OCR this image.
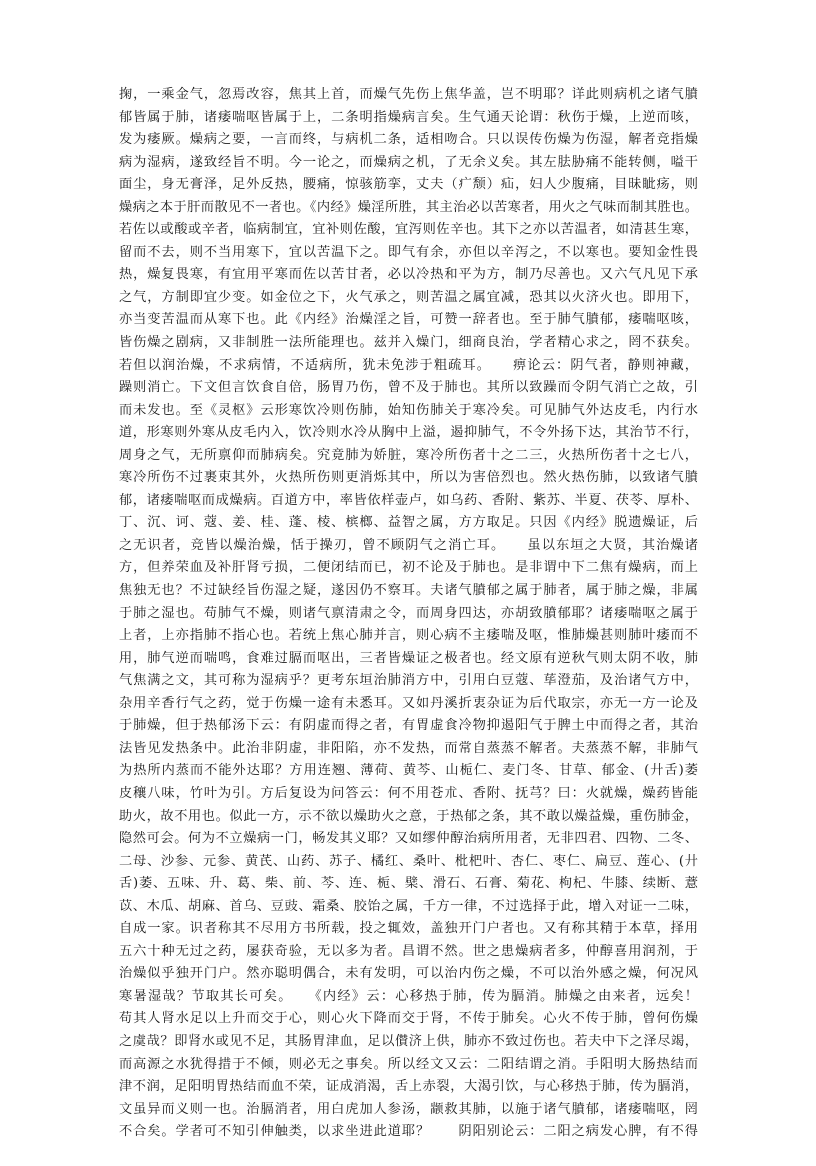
掬，一乘金气，忽焉改容，焦其上首，而燥气先伤上焦华盖，岂不明耶？详此则病机之诸气膹
郁皆属于肺，诸痿喘呕皆属于上，二条明指燥病言矣。生气通天论谓：秋伤于燥，上逆而咳，
发为痿厥。燥病之要，一言而终，与病机二条，适相吻合。只以误传伤燥为伤湿，解者竞指燥
病为湿病，遂致经旨不明。今一论之，而燥病之机，了无余义矣。其左胠胁痛不能转侧，嗌干
面尘，身无膏泽，足外反热，腰痛，惊骇筋挛，丈夫（疒颓）疝，妇人少腹痛，目昧眦疡，则
燥病之本于肝而散见不一者也。《内经》燥淫所胜，其主治必以苦寒者，用火之气味而制其胜也。
若佐以或酸或辛者，临病制宜，宜补则佐酸，宜泻则佐辛也。其下之亦以苦温者，如清甚生寒，
留而不去，则不当用寒下，宜以苦温下之。即气有余，亦但以辛泻之，不以寒也。要知金性畏
热，燥复畏寒，有宜用平寒而佐以苦甘者，必以冷热和平为方，制乃尽善也。又六气凡见下承
之气，方制即宜少变。如金位之下，火气承之，则苦温之属宜减，恐其以火济火也。即用下，
亦当变苦温而从寒下也。此《内经》治燥淫之旨，可赞一辞者也。至于肺气膹郁，痿喘呕咳，
皆伤燥之剧病，又非制胜一法所能理也。兹并入燥门，细商良治，学者精心求之，罔不获矣。
若但以润治燥，不求病情，不适病所，犹未免涉于粗疏耳。　　痹论云：阴气者，静则神藏，
躁则消亡。下文但言饮食自倍，肠胃乃伤，曾不及于肺也。其所以致躁而令阴气消亡之故，引
而未发也。至《灵枢》云形寒饮冷则伤肺，始知伤肺关于寒冷矣。可见肺气外达皮毛，内行水
道，形寒则外寒从皮毛内入，饮冷则水冷从胸中上溢，遏抑肺气，不令外扬下达，其治节不行，
周身之气，无所禀仰而肺病矣。究竟肺为娇脏，寒冷所伤者十之二三，火热所伤者十之七八，
寒冷所伤不过裹束其外，火热所伤则更消烁其中，所以为害倍烈也。然火热伤肺，以致诸气膹
郁，诸痿喘呕而成燥病。百道方中，率皆依样壶卢，如乌药、香附、紫苏、半夏、茯苓、厚朴、
丁、沉、诃、蔻、姜、桂、蓬、棱、槟榔、益智之属，方方取足。只因《内经》脱遗燥证，后
之无识者，竞皆以燥治燥，恬于操刃，曾不顾阴气之消亡耳。　　虽以东垣之大贤，其治燥诸
方，但养荣血及补肝肾亏损，二便闭结而已，初不论及于肺也。是非谓中下二焦有燥病，而上
焦独无也？不过缺经旨伤湿之疑，遂因仍不察耳。夫诸气膹郁之属于肺者，属于肺之燥，非属
于肺之湿也。苟肺气不燥，则诸气禀清肃之令，而周身四达，亦胡致膹郁耶？诸痿喘呕之属于
上者，上亦指肺不指心也。若统上焦心肺并言，则心病不主痿喘及呕，惟肺燥甚则肺叶痿而不
用，肺气逆而喘鸣，食难过膈而呕出，三者皆燥证之极者也。经文原有逆秋气则太阴不收，肺
气焦满之文，其可称为湿病乎？更考东垣治肺消方中，引用白豆蔻、荜澄茄，及治诸气方中，
杂用辛香行气之药，觉于伤燥一途有未悉耳。又如丹溪折衷杂证为后代取宗，亦无一方一论及
于肺燥，但于热郁汤下云：有阴虚而得之者，有胃虚食冷物抑遏阳气于脾土中而得之者，其治
法皆见发热条中。此治非阴虚，非阳陷，亦不发热，而常自蒸蒸不解者。夫蒸蒸不解，非肺气
为热所内蒸而不能外达耶？方用连翘、薄荷、黄芩、山栀仁、麦门冬、甘草、郁金、(廾舌)萎
皮穰八味，竹叶为引。方后复设为问答云：何不用苍朮、香附、抚芎？曰：火就燥，燥药皆能
助火，故不用也。似此一方，示不欲以燥助火之意，于热郁之条，其不敢以燥益燥，重伤肺金，
隐然可会。何为不立燥病一门，畅发其义耶？又如缪仲醇治病所用者，无非四君、四物、二冬、
二母、沙参、元参、黄芪、山药、苏子、橘红、桑叶、枇杷叶、杏仁、枣仁、扁豆、莲心、(廾
舌)萎、五味、升、葛、柴、前、芩、连、栀、檗、滑石、石膏、菊花、枸杞、牛膝、续断、薏
苡、木瓜、胡麻、首乌、豆豉、霜桑、胶饴之属，千方一律，不过选择于此，增入对证一二味，
自成一家。识者称其不尽用方书所载，投之辄效，盖独开门户者也。又有称其精于本草，择用
五六十种无过之药，屡获奇验，无以多为者。昌谓不然。世之患燥病者多，仲醇喜用润剂，于
治燥似乎独开门户。然亦聪明偶合，未有发明，可以治内伤之燥，不可以治外感之燥，何况风
寒暑湿哉？节取其长可矣。　　《内经》云：心移热于肺，传为膈消。肺燥之由来者，远矣！
苟其人肾水足以上升而交于心，则心火下降而交于肾，不传于肺矣。心火不传于肺，曾何伤燥
之虞哉？即肾水或见不足，其肠胃津血，足以儧济上供，肺亦不致过伤也。若夫中下之泽尽竭，
而高源之水犹得措于不倾，则必无之事矣。所以经文又云：二阳结谓之消。手阳明大肠热结而
津不润，足阳明胃热结而血不荣，证成消渴，舌上赤裂，大渴引饮，与心移热于肺，传为膈消，
文虽异而义则一也。治膈消者，用白虎加人参汤，颛救其肺，以施于诸气膹郁，诸痿喘呕，罔
不合矣。学者可不知引伸触类，以求坐进此道耶？　　阴阳别论云：二阳之病发心脾，有不得
